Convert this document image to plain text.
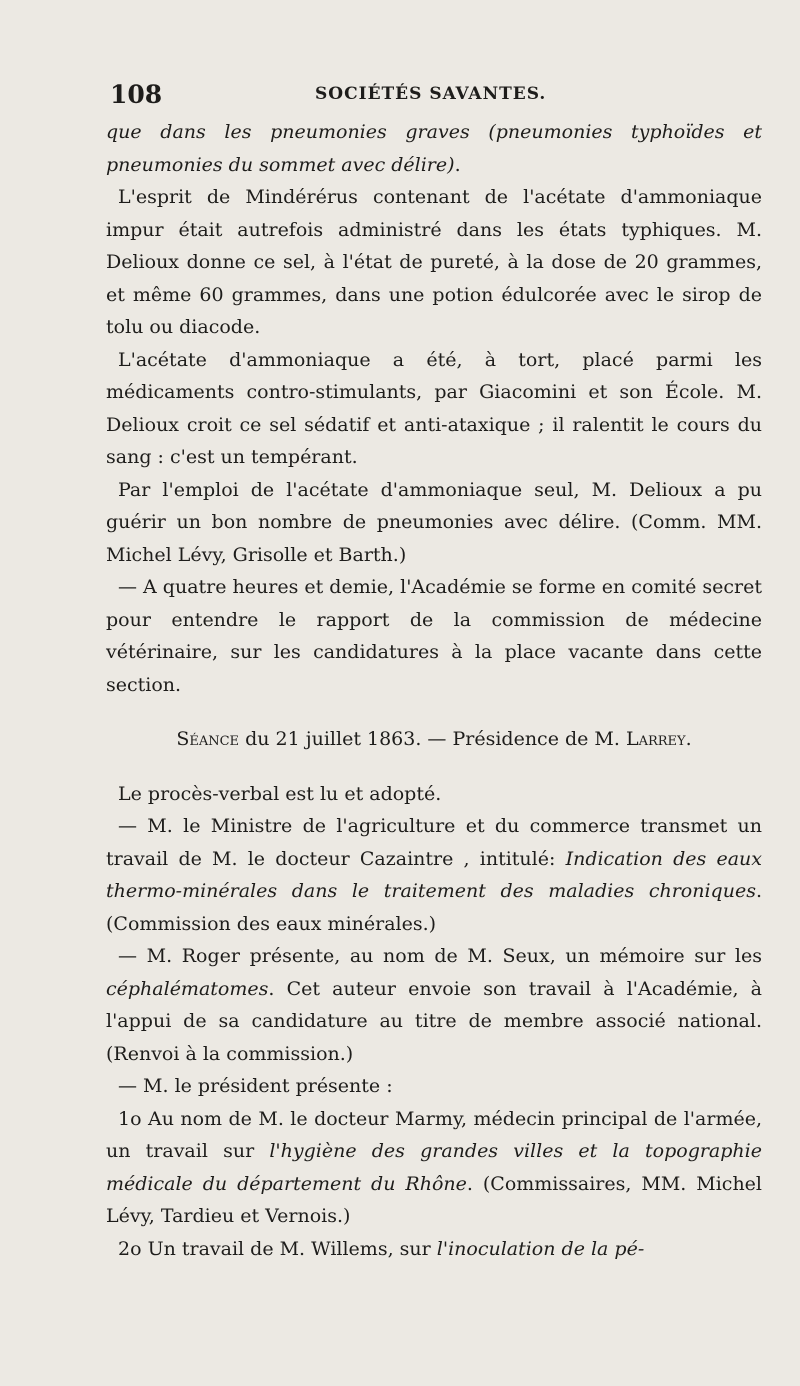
108	SOCIÉTÉS SAVANTES.

que dans les pneumonies graves (pneumonies typhoïdes et pneumonies du sommet avec délire).

L'esprit de Mindérérus contenant de l'acétate d'ammoniaque impur était autrefois administré dans les états typhiques. M. Delioux donne ce sel, à l'état de pureté, à la dose de 20 grammes, et même 60 grammes, dans une potion édulcorée avec le sirop de tolu ou diacode.

L'acétate d'ammoniaque a été, à tort, placé parmi les médicaments contro-stimulants, par Giacomini et son École. M. Delioux croit ce sel sédatif et anti-ataxique ; il ralentit le cours du sang : c'est un tempérant.

Par l'emploi de l'acétate d'ammoniaque seul, M. Delioux a pu guérir un bon nombre de pneumonies avec délire. (Comm. MM. Michel Lévy, Grisolle et Barth.)

— A quatre heures et demie, l'Académie se forme en comité secret pour entendre le rapport de la commission de médecine vétérinaire, sur les candidatures à la place vacante dans cette section.

Séance du 21 juillet 1863. — Présidence de M. Larrey.

Le procès-verbal est lu et adopté.

— M. le Ministre de l'agriculture et du commerce transmet un travail de M. le docteur Cazaintre , intitulé: Indication des eaux thermo-minérales dans le traitement des maladies chroniques. (Commission des eaux minérales.)

— M. Roger présente, au nom de M. Seux, un mémoire sur les céphalématomes. Cet auteur envoie son travail à l'Académie, à l'appui de sa candidature au titre de membre associé national. (Renvoi à la commission.)

— M. le président présente :

1o Au nom de M. le docteur Marmy, médecin principal de l'armée, un travail sur l'hygiène des grandes villes et la topographie médicale du département du Rhône. (Commissaires, MM. Michel Lévy, Tardieu et Vernois.)

2o Un travail de M. Willems, sur l'inoculation de la pé-
